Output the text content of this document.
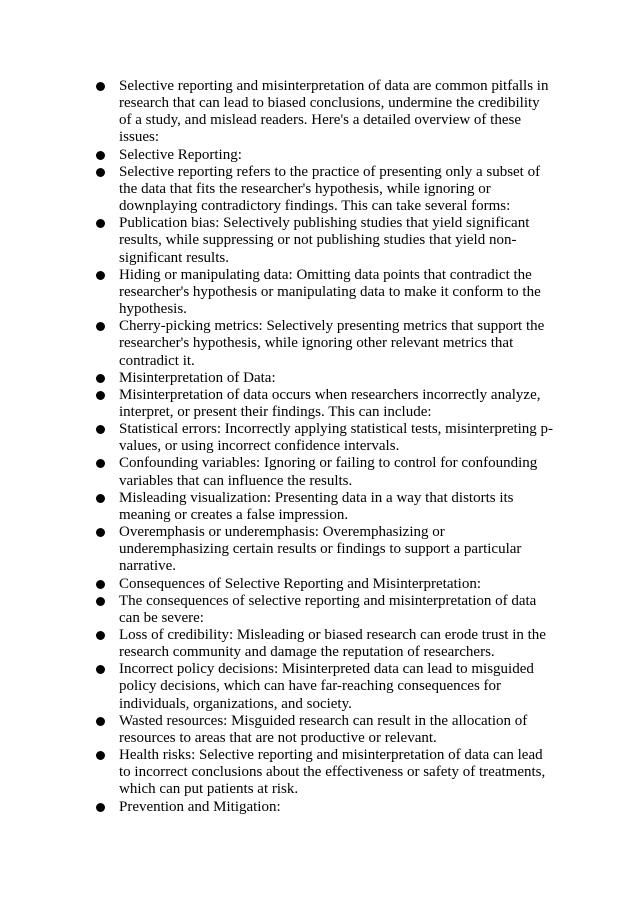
Selective reporting and misinterpretation of data are common pitfalls in research that can lead to biased conclusions, undermine the credibility of a study, and mislead readers. Here's a detailed overview of these issues:
Selective Reporting:
Selective reporting refers to the practice of presenting only a subset of the data that fits the researcher's hypothesis, while ignoring or downplaying contradictory findings. This can take several forms:
Publication bias: Selectively publishing studies that yield significant results, while suppressing or not publishing studies that yield non-significant results.
Hiding or manipulating data: Omitting data points that contradict the researcher's hypothesis or manipulating data to make it conform to the hypothesis.
Cherry-picking metrics: Selectively presenting metrics that support the researcher's hypothesis, while ignoring other relevant metrics that contradict it.
Misinterpretation of Data:
Misinterpretation of data occurs when researchers incorrectly analyze, interpret, or present their findings. This can include:
Statistical errors: Incorrectly applying statistical tests, misinterpreting p-values, or using incorrect confidence intervals.
Confounding variables: Ignoring or failing to control for confounding variables that can influence the results.
Misleading visualization: Presenting data in a way that distorts its meaning or creates a false impression.
Overemphasis or underemphasis: Overemphasizing or underemphasizing certain results or findings to support a particular narrative.
Consequences of Selective Reporting and Misinterpretation:
The consequences of selective reporting and misinterpretation of data can be severe:
Loss of credibility: Misleading or biased research can erode trust in the research community and damage the reputation of researchers.
Incorrect policy decisions: Misinterpreted data can lead to misguided policy decisions, which can have far-reaching consequences for individuals, organizations, and society.
Wasted resources: Misguided research can result in the allocation of resources to areas that are not productive or relevant.
Health risks: Selective reporting and misinterpretation of data can lead to incorrect conclusions about the effectiveness or safety of treatments, which can put patients at risk.
Prevention and Mitigation:
